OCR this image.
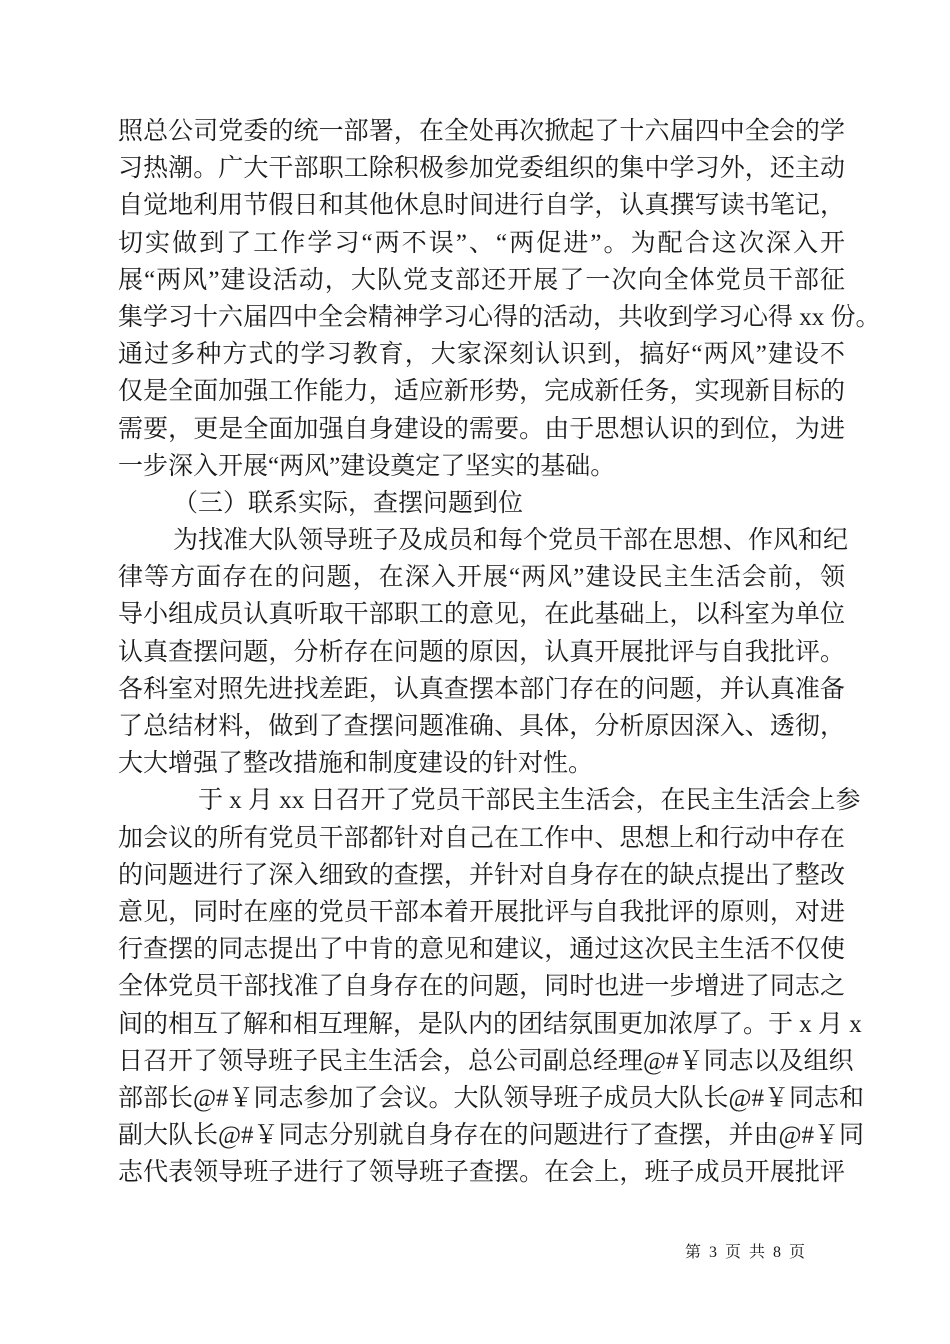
照总公司党委的统一部署，在全处再次掀起了十六届四中全会的学
习热潮。广大干部职工除积极参加党委组织的集中学习外，还主动
自觉地利用节假日和其他休息时间进行自学，认真撰写读书笔记，
切实做到了工作学习“两不误”、“两促进”。为配合这次深入开
展“两风”建设活动，大队党支部还开展了一次向全体党员干部征
集学习十六届四中全会精神学习心得的活动，共收到学习心得 xx 份。
通过多种方式的学习教育，大家深刻认识到，搞好“两风”建设不
仅是全面加强工作能力，适应新形势，完成新任务，实现新目标的
需要，更是全面加强自身建设的需要。由于思想认识的到位，为进
一步深入开展“两风”建设奠定了坚实的基础。
（三）联系实际，查摆问题到位
为找准大队领导班子及成员和每个党员干部在思想、作风和纪
律等方面存在的问题，在深入开展“两风”建设民主生活会前，领
导小组成员认真听取干部职工的意见，在此基础上，以科室为单位
认真查摆问题，分析存在问题的原因，认真开展批评与自我批评。
各科室对照先进找差距，认真查摆本部门存在的问题，并认真准备
了总结材料，做到了查摆问题准确、具体，分析原因深入、透彻，
大大增强了整改措施和制度建设的针对性。
于 x 月 xx 日召开了党员干部民主生活会，在民主生活会上参
加会议的所有党员干部都针对自己在工作中、思想上和行动中存在
的问题进行了深入细致的查摆，并针对自身存在的缺点提出了整改
意见，同时在座的党员干部本着开展批评与自我批评的原则，对进
行查摆的同志提出了中肯的意见和建议，通过这次民主生活不仅使
全体党员干部找准了自身存在的问题，同时也进一步增进了同志之
间的相互了解和相互理解，是队内的团结氛围更加浓厚了。于 x 月 x
日召开了领导班子民主生活会，总公司副总经理@#￥同志以及组织
部部长@#￥同志参加了会议。大队领导班子成员大队长@#￥同志和
副大队长@#￥同志分别就自身存在的问题进行了查摆，并由@#￥同
志代表领导班子进行了领导班子查摆。在会上，班子成员开展批评
第 3 页 共 8 页
